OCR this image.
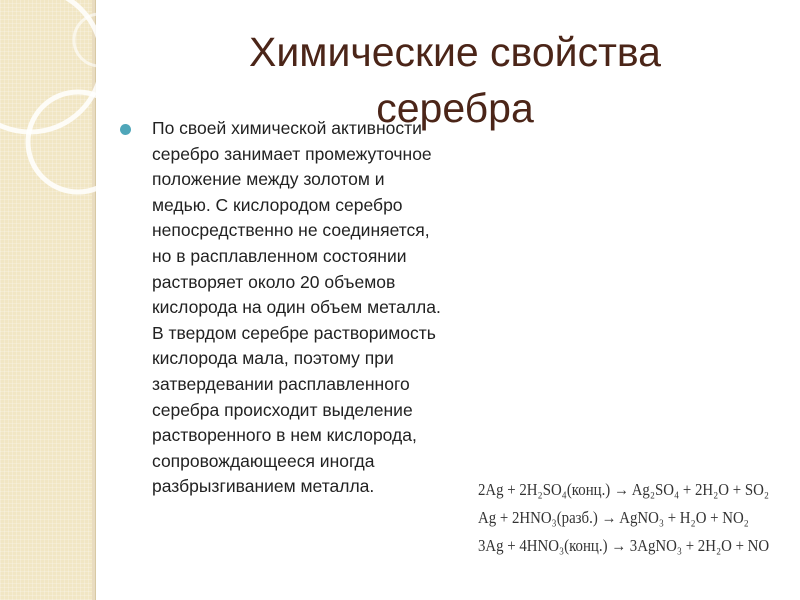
Химические свойства
серебра
По своей химической активности
серебро занимает промежуточное
положение между золотом и
медью. С кислородом серебро
непосредственно не соединяется,
но в расплавленном состоянии
растворяет около 20 объемов
кислорода на один объем металла.
В твердом серебре растворимость
кислорода мала, поэтому при
затвердевании расплавленного
серебра происходит выделение
растворенного в нем кислорода,
сопровождающееся иногда
разбрызгиванием металла.	2Ag + 2H₂SO₄(конц.) → Ag₂SO₄ + 2H₂O + SO₂
Ag + 2HNO₃(разб.) → AgNO₃ + H₂O + NO₂
3Ag + 4HNO₃(конц.) → 3AgNO₃ + 2H₂O + NO
